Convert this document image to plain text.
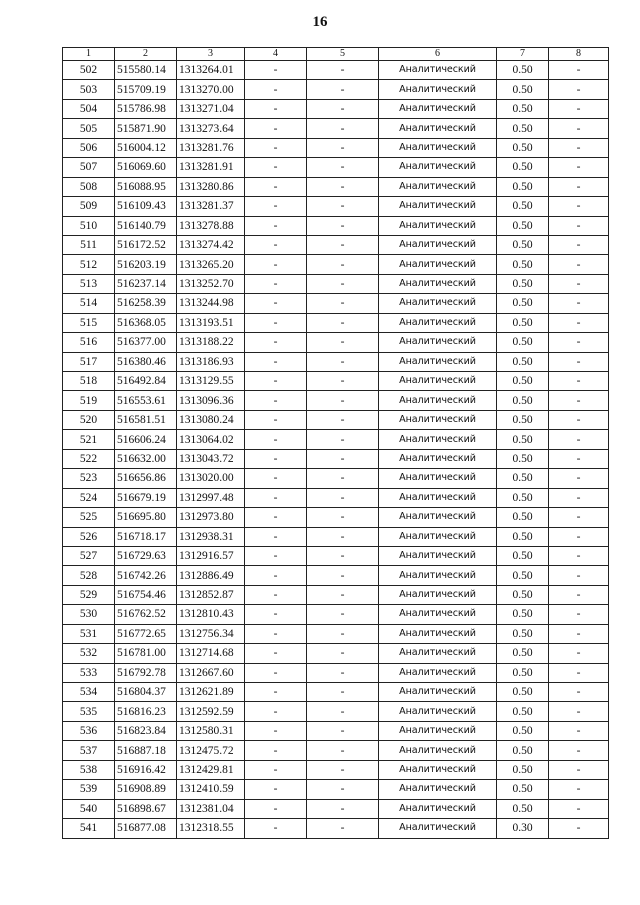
16
1	2	3	4	5	6	7	8
502	515580.14	1313264.01	-	-	Аналитический	0.50	-
503	515709.19	1313270.00	-	-	Аналитический	0.50	-
504	515786.98	1313271.04	-	-	Аналитический	0.50	-
505	515871.90	1313273.64	-	-	Аналитический	0.50	-
506	516004.12	1313281.76	-	-	Аналитический	0.50	-
507	516069.60	1313281.91	-	-	Аналитический	0.50	-
508	516088.95	1313280.86	-	-	Аналитический	0.50	-
509	516109.43	1313281.37	-	-	Аналитический	0.50	-
510	516140.79	1313278.88	-	-	Аналитический	0.50	-
511	516172.52	1313274.42	-	-	Аналитический	0.50	-
512	516203.19	1313265.20	-	-	Аналитический	0.50	-
513	516237.14	1313252.70	-	-	Аналитический	0.50	-
514	516258.39	1313244.98	-	-	Аналитический	0.50	-
515	516368.05	1313193.51	-	-	Аналитический	0.50	-
516	516377.00	1313188.22	-	-	Аналитический	0.50	-
517	516380.46	1313186.93	-	-	Аналитический	0.50	-
518	516492.84	1313129.55	-	-	Аналитический	0.50	-
519	516553.61	1313096.36	-	-	Аналитический	0.50	-
520	516581.51	1313080.24	-	-	Аналитический	0.50	-
521	516606.24	1313064.02	-	-	Аналитический	0.50	-
522	516632.00	1313043.72	-	-	Аналитический	0.50	-
523	516656.86	1313020.00	-	-	Аналитический	0.50	-
524	516679.19	1312997.48	-	-	Аналитический	0.50	-
525	516695.80	1312973.80	-	-	Аналитический	0.50	-
526	516718.17	1312938.31	-	-	Аналитический	0.50	-
527	516729.63	1312916.57	-	-	Аналитический	0.50	-
528	516742.26	1312886.49	-	-	Аналитический	0.50	-
529	516754.46	1312852.87	-	-	Аналитический	0.50	-
530	516762.52	1312810.43	-	-	Аналитический	0.50	-
531	516772.65	1312756.34	-	-	Аналитический	0.50	-
532	516781.00	1312714.68	-	-	Аналитический	0.50	-
533	516792.78	1312667.60	-	-	Аналитический	0.50	-
534	516804.37	1312621.89	-	-	Аналитический	0.50	-
535	516816.23	1312592.59	-	-	Аналитический	0.50	-
536	516823.84	1312580.31	-	-	Аналитический	0.50	-
537	516887.18	1312475.72	-	-	Аналитический	0.50	-
538	516916.42	1312429.81	-	-	Аналитический	0.50	-
539	516908.89	1312410.59	-	-	Аналитический	0.50	-
540	516898.67	1312381.04	-	-	Аналитический	0.50	-
541	516877.08	1312318.55	-	-	Аналитический	0.30	-
